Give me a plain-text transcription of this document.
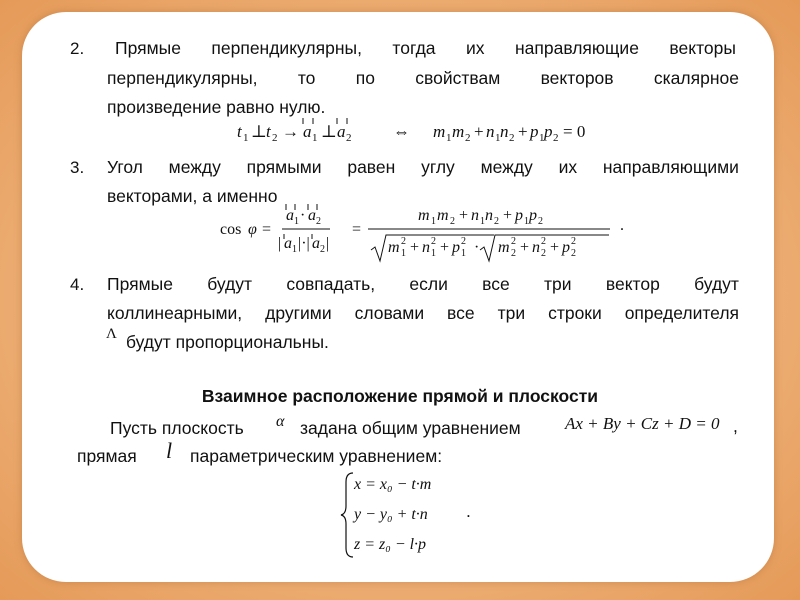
2. Прямые перпендикулярны, тогда их направляющие векторы
перпендикулярны, то по свойствам векторов скалярное
произведение равно нулю.
t 1 ⊥ t 2 → a 1 ⊥ a 2 ⇔ m 1 m 2 + n 1 n 2 + p 1 p 2 = 0
3. Угол между прямыми равен углу между их направляющими
векторами, а именно
cos φ =
a 1 · a 2
| a 1 |·| a 2 |
=
m 1 m 2 + n 1 n 2 + p 1 p 2
m 2
1 + n 2
1 + p 2
1 · m 2
2 + n 2
2 + p 2
2
.
4. Прямые будут совпадать, если все три вектор будут
коллинеарными, другими словами все три строки определителя
Λ будут пропорциональны.
Взаимное расположение прямой и плоскости
Пусть плоскость α задана общим уравнением	Ax + By + Cz + D = 0 ,
прямая l параметрическим уравнением:
x = x₀ − t·m
y − y₀ + t·n
z = z₀ − l·p
.
